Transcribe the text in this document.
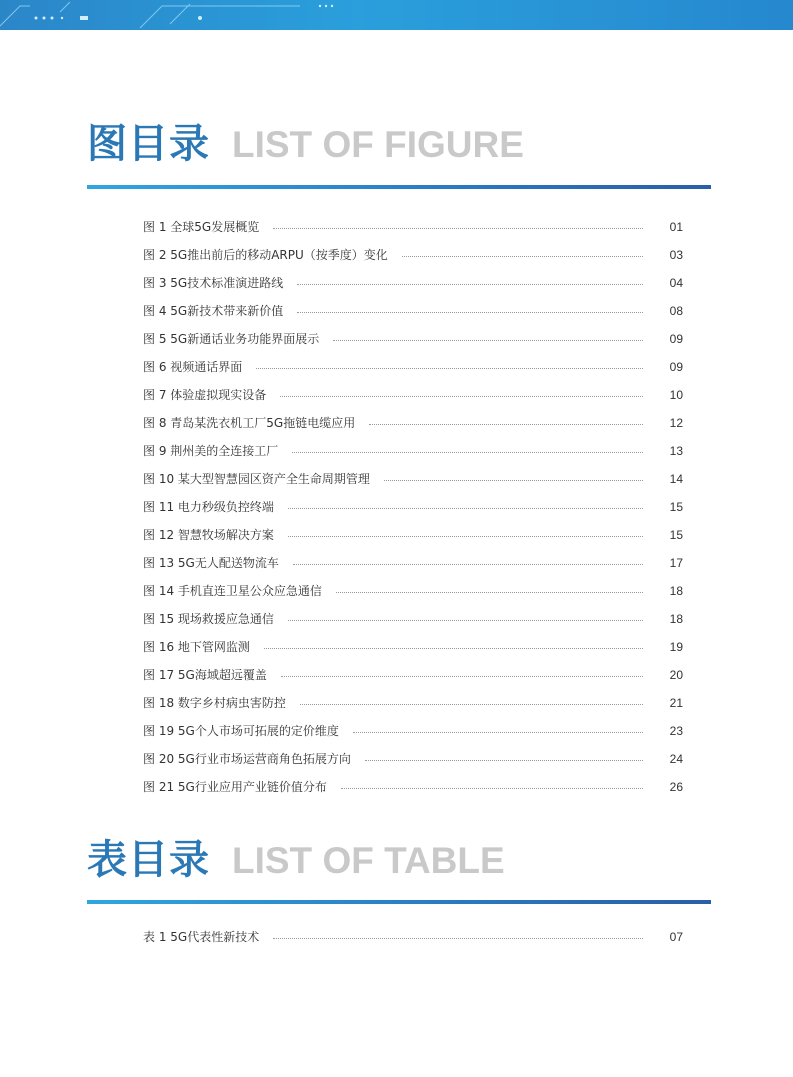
图目录 LIST OF FIGURE
图 1 全球5G发展概览	01
图 2 5G推出前后的移动ARPU（按季度）变化	03
图 3 5G技术标准演进路线	04
图 4 5G新技术带来新价值	08
图 5 5G新通话业务功能界面展示	09
图 6 视频通话界面	09
图 7 体验虚拟现实设备	10
图 8 青岛某洗衣机工厂5G拖链电缆应用	12
图 9 荆州美的全连接工厂	13
图 10 某大型智慧园区资产全生命周期管理	14
图 11 电力秒级负控终端	15
图 12 智慧牧场解决方案	15
图 13 5G无人配送物流车	17
图 14 手机直连卫星公众应急通信	18
图 15 现场救援应急通信	18
图 16 地下管网监测	19
图 17 5G海域超远覆盖	20
图 18 数字乡村病虫害防控	21
图 19 5G个人市场可拓展的定价维度	23
图 20 5G行业市场运营商角色拓展方向	24
图 21 5G行业应用产业链价值分布	26
表目录 LIST OF TABLE
表 1 5G代表性新技术	07
